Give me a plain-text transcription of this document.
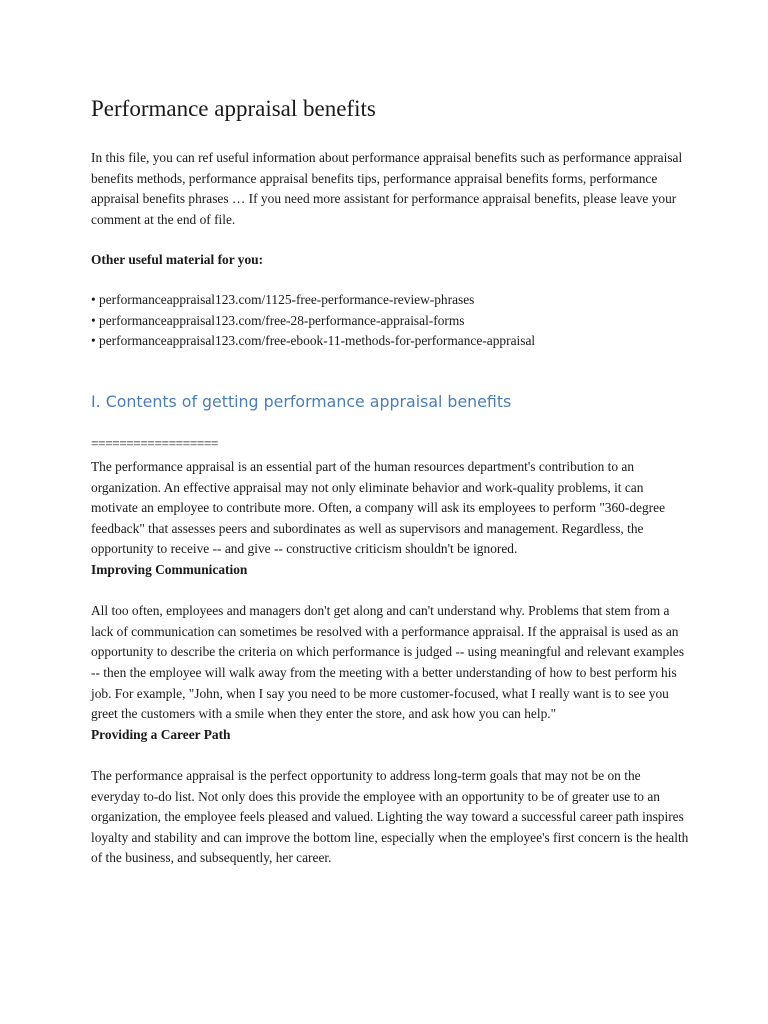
Performance appraisal benefits

In this file, you can ref useful information about performance appraisal benefits such as performance appraisal benefits methods, performance appraisal benefits tips, performance appraisal benefits forms, performance appraisal benefits phrases … If you need more assistant for performance appraisal benefits, please leave your comment at the end of file.

Other useful material for you:

• performanceappraisal123.com/1125-free-performance-review-phrases
• performanceappraisal123.com/free-28-performance-appraisal-forms
• performanceappraisal123.com/free-ebook-11-methods-for-performance-appraisal
I. Contents of getting performance appraisal benefits

==================

The performance appraisal is an essential part of the human resources department's contribution to an organization. An effective appraisal may not only eliminate behavior and work-quality problems, it can motivate an employee to contribute more. Often, a company will ask its employees to perform "360-degree feedback" that assesses peers and subordinates as well as supervisors and management. Regardless, the opportunity to receive -- and give -- constructive criticism shouldn't be ignored.

Improving Communication

All too often, employees and managers don't get along and can't understand why. Problems that stem from a lack of communication can sometimes be resolved with a performance appraisal. If the appraisal is used as an opportunity to describe the criteria on which performance is judged -- using meaningful and relevant examples -- then the employee will walk away from the meeting with a better understanding of how to best perform his job. For example, "John, when I say you need to be more customer-focused, what I really want is to see you greet the customers with a smile when they enter the store, and ask how you can help."

Providing a Career Path

The performance appraisal is the perfect opportunity to address long-term goals that may not be on the everyday to-do list. Not only does this provide the employee with an opportunity to be of greater use to an organization, the employee feels pleased and valued. Lighting the way toward a successful career path inspires loyalty and stability and can improve the bottom line, especially when the employee's first concern is the health of the business, and subsequently, her career.
